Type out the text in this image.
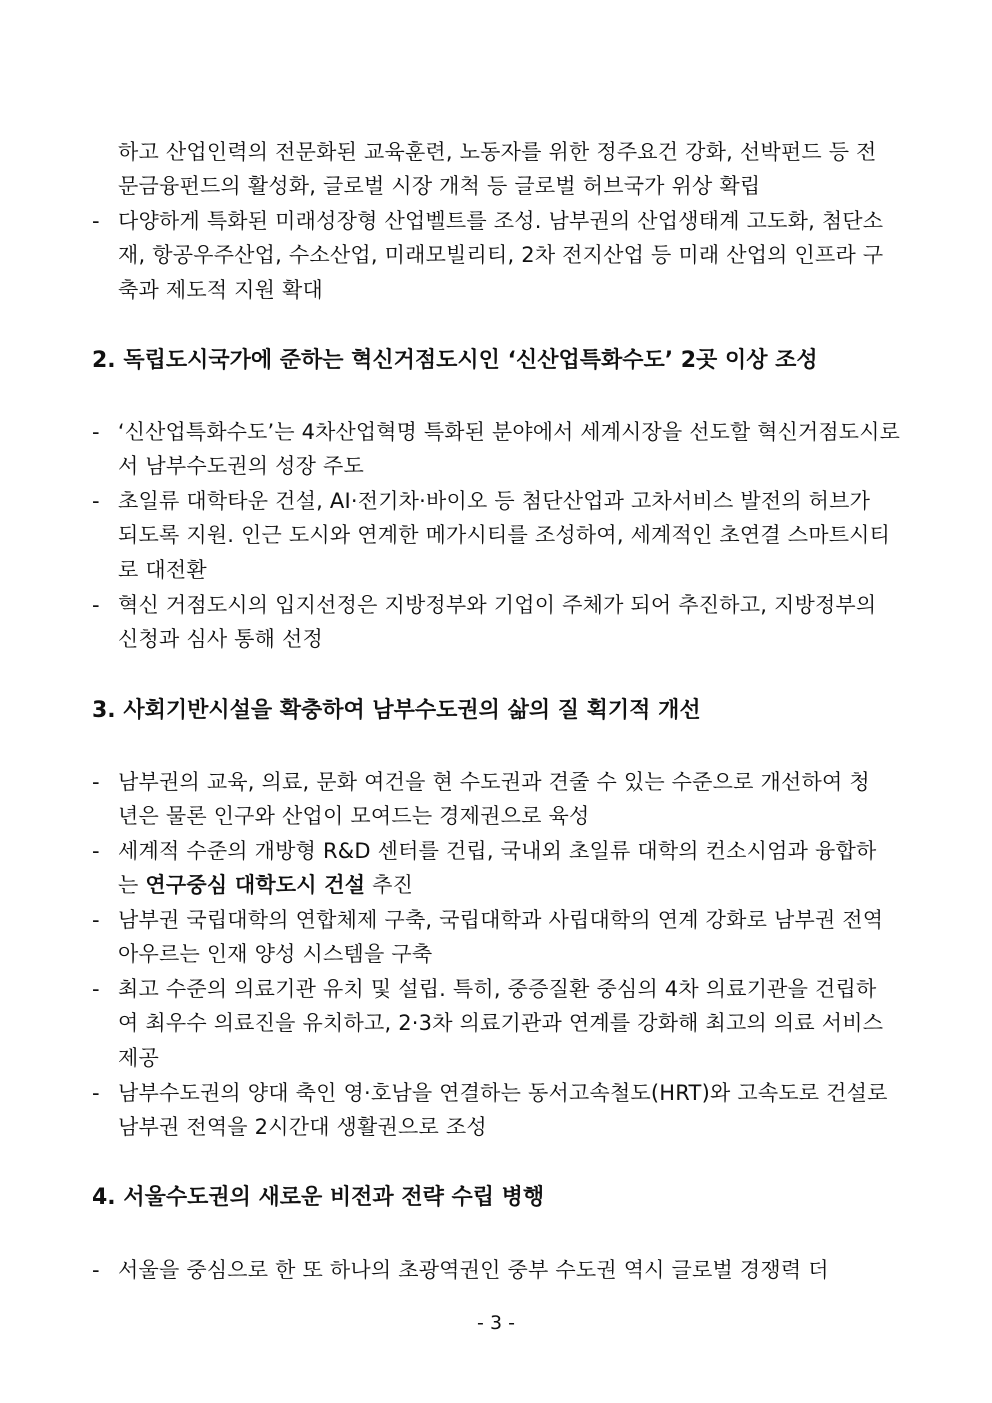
하고 산업인력의 전문화된 교육훈련, 노동자를 위한 정주요건 강화, 선박펀드 등 전
문금융펀드의 활성화, 글로벌 시장 개척 등 글로벌 허브국가 위상 확립
- 다양하게 특화된 미래성장형 산업벨트를 조성. 남부권의 산업생태계 고도화, 첨단소
재, 항공우주산업, 수소산업, 미래모빌리티, 2차 전지산업 등 미래 산업의 인프라 구
축과 제도적 지원 확대
2. 독립도시국가에 준하는 혁신거점도시인 ‘신산업특화수도’ 2곳 이상 조성
- ‘신산업특화수도’는 4차산업혁명 특화된 분야에서 세계시장을 선도할 혁신거점도시로
서 남부수도권의 성장 주도
- 초일류 대학타운 건설, AI·전기차·바이오 등 첨단산업과 고차서비스 발전의 허브가
되도록 지원. 인근 도시와 연계한 메가시티를 조성하여, 세계적인 초연결 스마트시티
로 대전환
- 혁신 거점도시의 입지선정은 지방정부와 기업이 주체가 되어 추진하고, 지방정부의
신청과 심사 통해 선정
3. 사회기반시설을 확충하여 남부수도권의 삶의 질 획기적 개선
- 남부권의 교육, 의료, 문화 여건을 현 수도권과 견줄 수 있는 수준으로 개선하여 청
년은 물론 인구와 산업이 모여드는 경제권으로 육성
- 세계적 수준의 개방형 R&D 센터를 건립, 국내외 초일류 대학의 컨소시엄과 융합하
는 연구중심 대학도시 건설 추진
- 남부권 국립대학의 연합체제 구축, 국립대학과 사립대학의 연계 강화로 남부권 전역
아우르는 인재 양성 시스템을 구축
- 최고 수준의 의료기관 유치 및 설립. 특히, 중증질환 중심의 4차 의료기관을 건립하
여 최우수 의료진을 유치하고, 2·3차 의료기관과 연계를 강화해 최고의 의료 서비스
제공
- 남부수도권의 양대 축인 영·호남을 연결하는 동서고속철도(HRT)와 고속도로 건설로
남부권 전역을 2시간대 생활권으로 조성
4. 서울수도권의 새로운 비전과 전략 수립 병행
- 서울을 중심으로 한 또 하나의 초광역권인 중부 수도권 역시 글로벌 경쟁력 더
- 3 -
